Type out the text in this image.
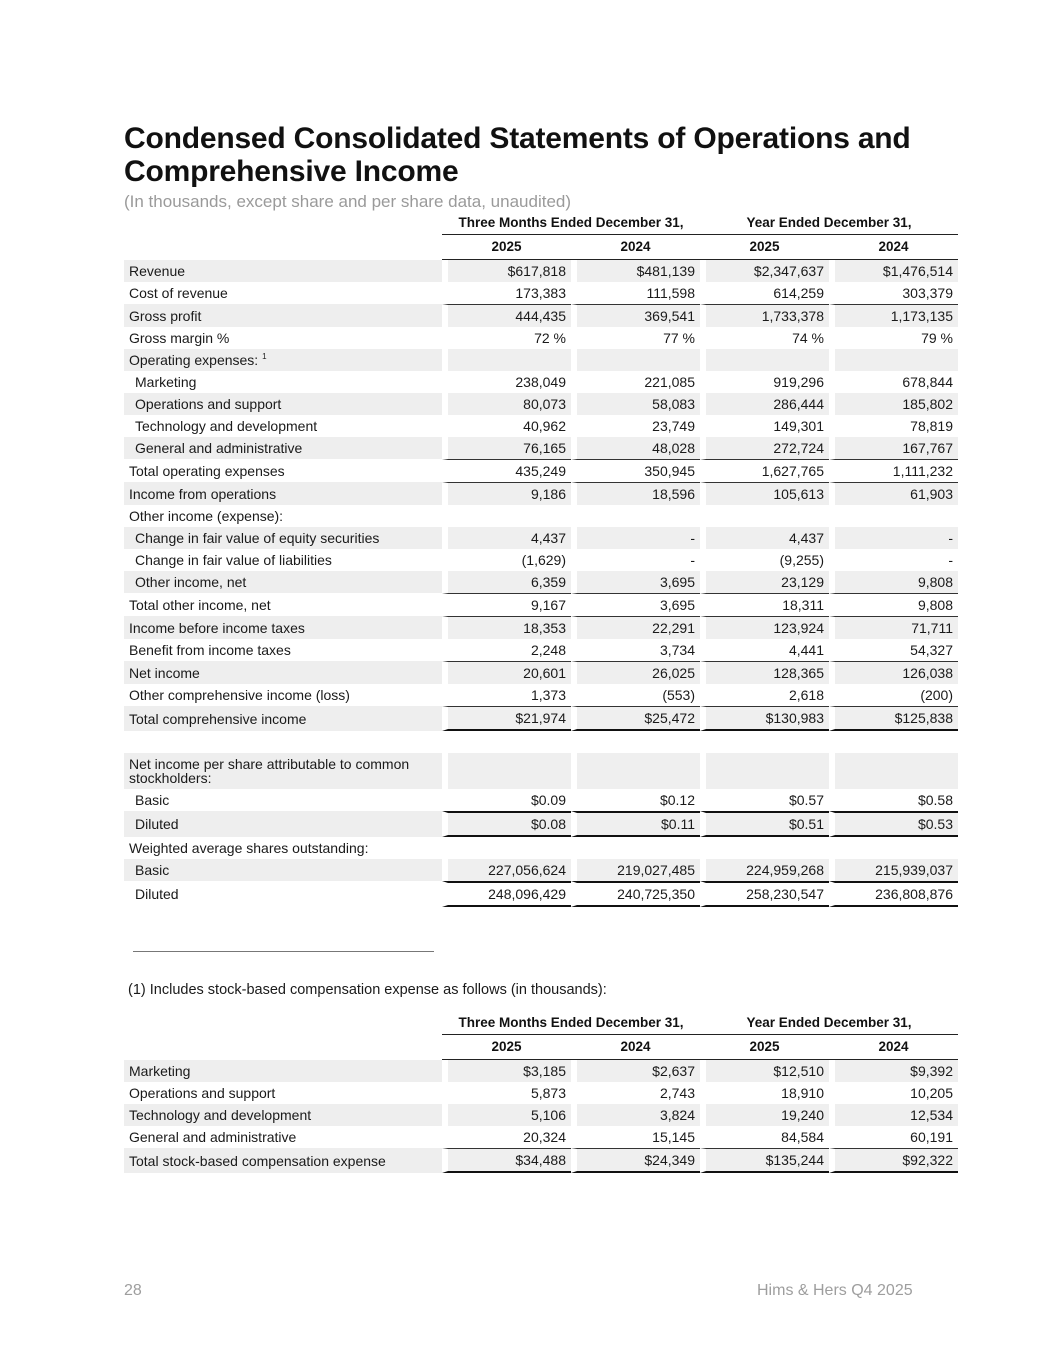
Condensed Consolidated Statements of Operations and Comprehensive Income
(In thousands, except share and per share data, unaudited)
	Three Months Ended December 31,		Year Ended December 31,	
	2025	2024	2025	2024
Revenue	$617,818	$481,139	$2,347,637	$1,476,514
Cost of revenue	173,383	111,598	614,259	303,379
Gross profit	444,435	369,541	1,733,378	1,173,135
Gross margin %	72 %	77 %	74 %	79 %
Operating expenses: $^1$				
Marketing	238,049	221,085	919,296	678,844
Operations and support	80,073	58,083	286,444	185,802
Technology and development	40,962	23,749	149,301	78,819
General and administrative	76,165	48,028	272,724	167,767
Total operating expenses	435,249	350,945	1,627,765	1,111,232
Income from operations	9,186	18,596	105,613	61,903
Other income (expense):				
Change in fair value of equity securities	4,437	-	4,437	-
Change in fair value of liabilities	(1,629)	-	(9,255)	-
Other income, net	6,359	3,695	23,129	9,808
Total other income, net	9,167	3,695	18,311	9,808
Income before income taxes	18,353	22,291	123,924	71,711
Benefit from income taxes	2,248	3,734	4,441	54,327
Net income	20,601	26,025	128,365	126,038
Other comprehensive income (loss)	1,373	(553)	2,618	(200)
Total comprehensive income	$21,974	$25,472	$130,983	$125,838

Net income per share attributable to common stockholders:				
Basic	$0.09	$0.12	$0.57	$0.58
Diluted	$0.08	$0.11	$0.51	$0.53
Weighted average shares outstanding:				
Basic	227,056,624	219,027,485	224,959,268	215,939,037
Diluted	248,096,429	240,725,350	258,230,547	236,808,876
(1) Includes stock-based compensation expense as follows (in thousands):
	Three Months Ended December 31,		Year Ended December 31,	
	2025	2024	2025	2024
Marketing	$3,185	$2,637	$12,510	$9,392
Operations and support	5,873	2,743	18,910	10,205
Technology and development	5,106	3,824	19,240	12,534
General and administrative	20,324	15,145	84,584	60,191
Total stock-based compensation expense	$34,488	$24,349	$135,244	$92,322
28	Hims & Hers Q4 2025
